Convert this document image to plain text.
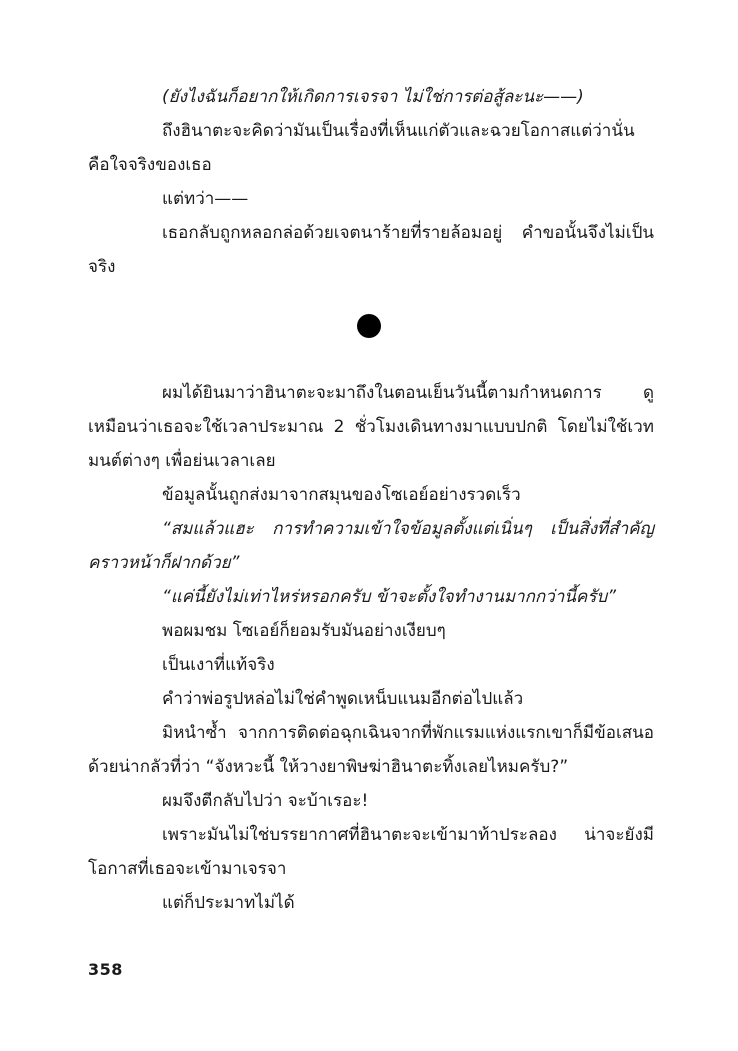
(ยังไงฉันก็อยากให้เกิดการเจรจา ไม่ใช่การต่อสู้ละนะ——)

ถึงฮินาตะจะคิดว่ามันเป็นเรื่องที่เห็นแก่ตัวและฉวยโอกาสแต่ว่านั่นคือใจจริงของเธอ

แต่ทว่า——

เธอกลับถูกหลอกล่อด้วยเจตนาร้ายที่รายล้อมอยู่ คำขอนั้นจึงไม่เป็นจริง

ผมได้ยินมาว่าฮินาตะจะมาถึงในตอนเย็นวันนี้ตามกำหนดการ ดูเหมือนว่าเธอจะใช้เวลาประมาณ 2 ชั่วโมงเดินทางมาแบบปกติ โดยไม่ใช้เวทมนต์ต่างๆ เพื่อย่นเวลาเลย

ข้อมูลนั้นถูกส่งมาจากสมุนของโซเอย์อย่างรวดเร็ว

“สมแล้วแฮะ การทำความเข้าใจข้อมูลตั้งแต่เนิ่นๆ เป็นสิ่งที่สำคัญ คราวหน้าก็ฝากด้วย”

“แค่นี้ยังไม่เท่าไหร่หรอกครับ ข้าจะตั้งใจทำงานมากกว่านี้ครับ”

พอผมชม โซเอย์ก็ยอมรับมันอย่างเงียบๆ

เป็นเงาที่แท้จริง

คำว่าพ่อรูปหล่อไม่ใช่คำพูดเหน็บแนมอีกต่อไปแล้ว

มิหนำซ้ำ จากการติดต่อฉุกเฉินจากที่พักแรมแห่งแรกเขาก็มีข้อเสนอด้วยน่ากลัวที่ว่า “จังหวะนี้ ให้วางยาพิษฆ่าฮินาตะทิ้งเลยไหมครับ?”

ผมจึงตีกลับไปว่า จะบ้าเรอะ!

เพราะมันไม่ใช่บรรยากาศที่ฮินาตะจะเข้ามาท้าประลอง น่าจะยังมีโอกาสที่เธอจะเข้ามาเจรจา

แต่ก็ประมาทไม่ได้

358
